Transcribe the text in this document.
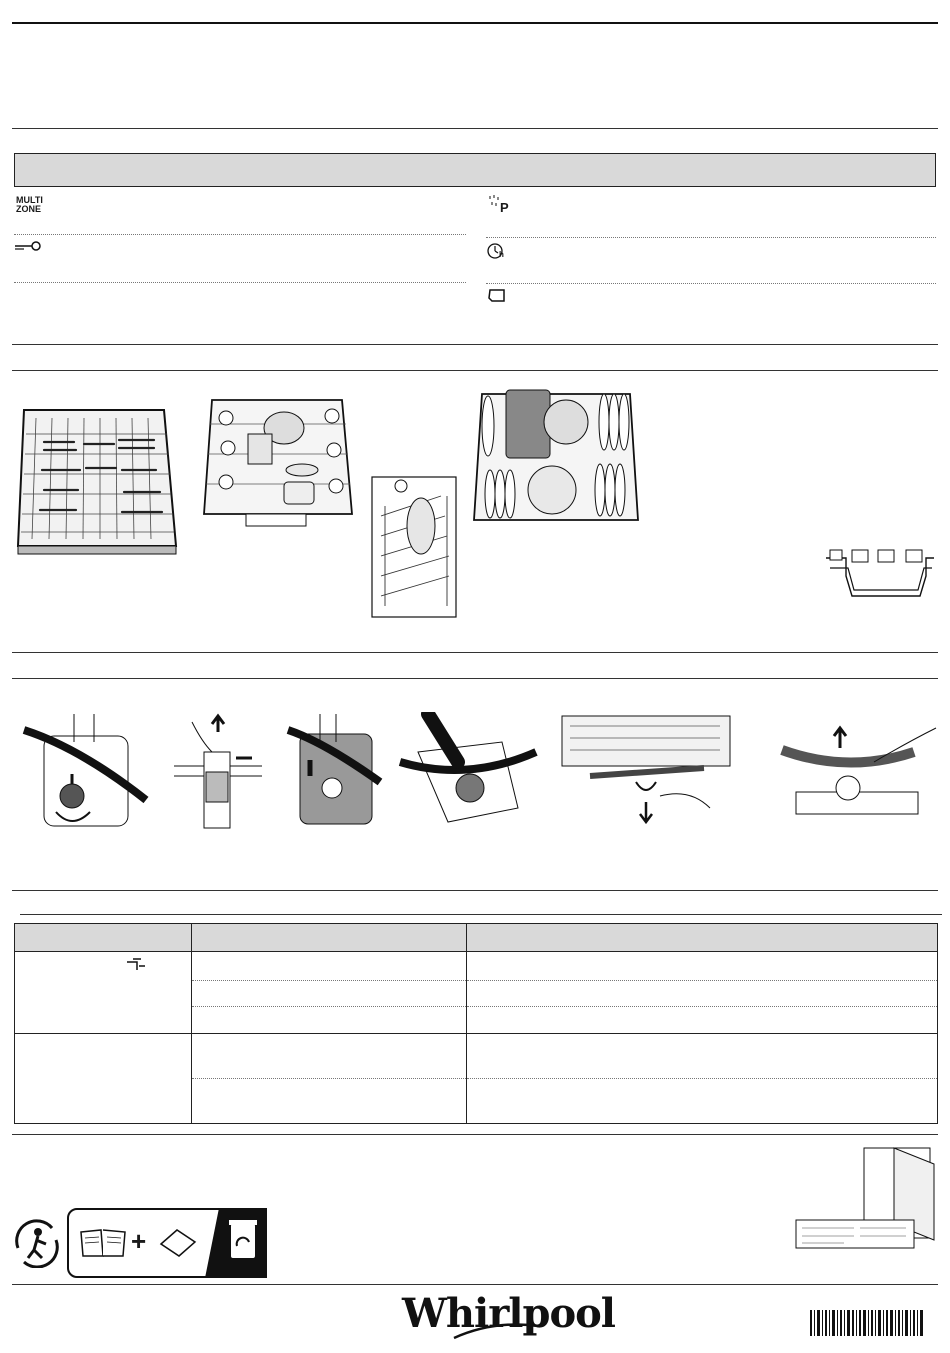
MULTI
ZONE	P
h

+
Whirlpool
